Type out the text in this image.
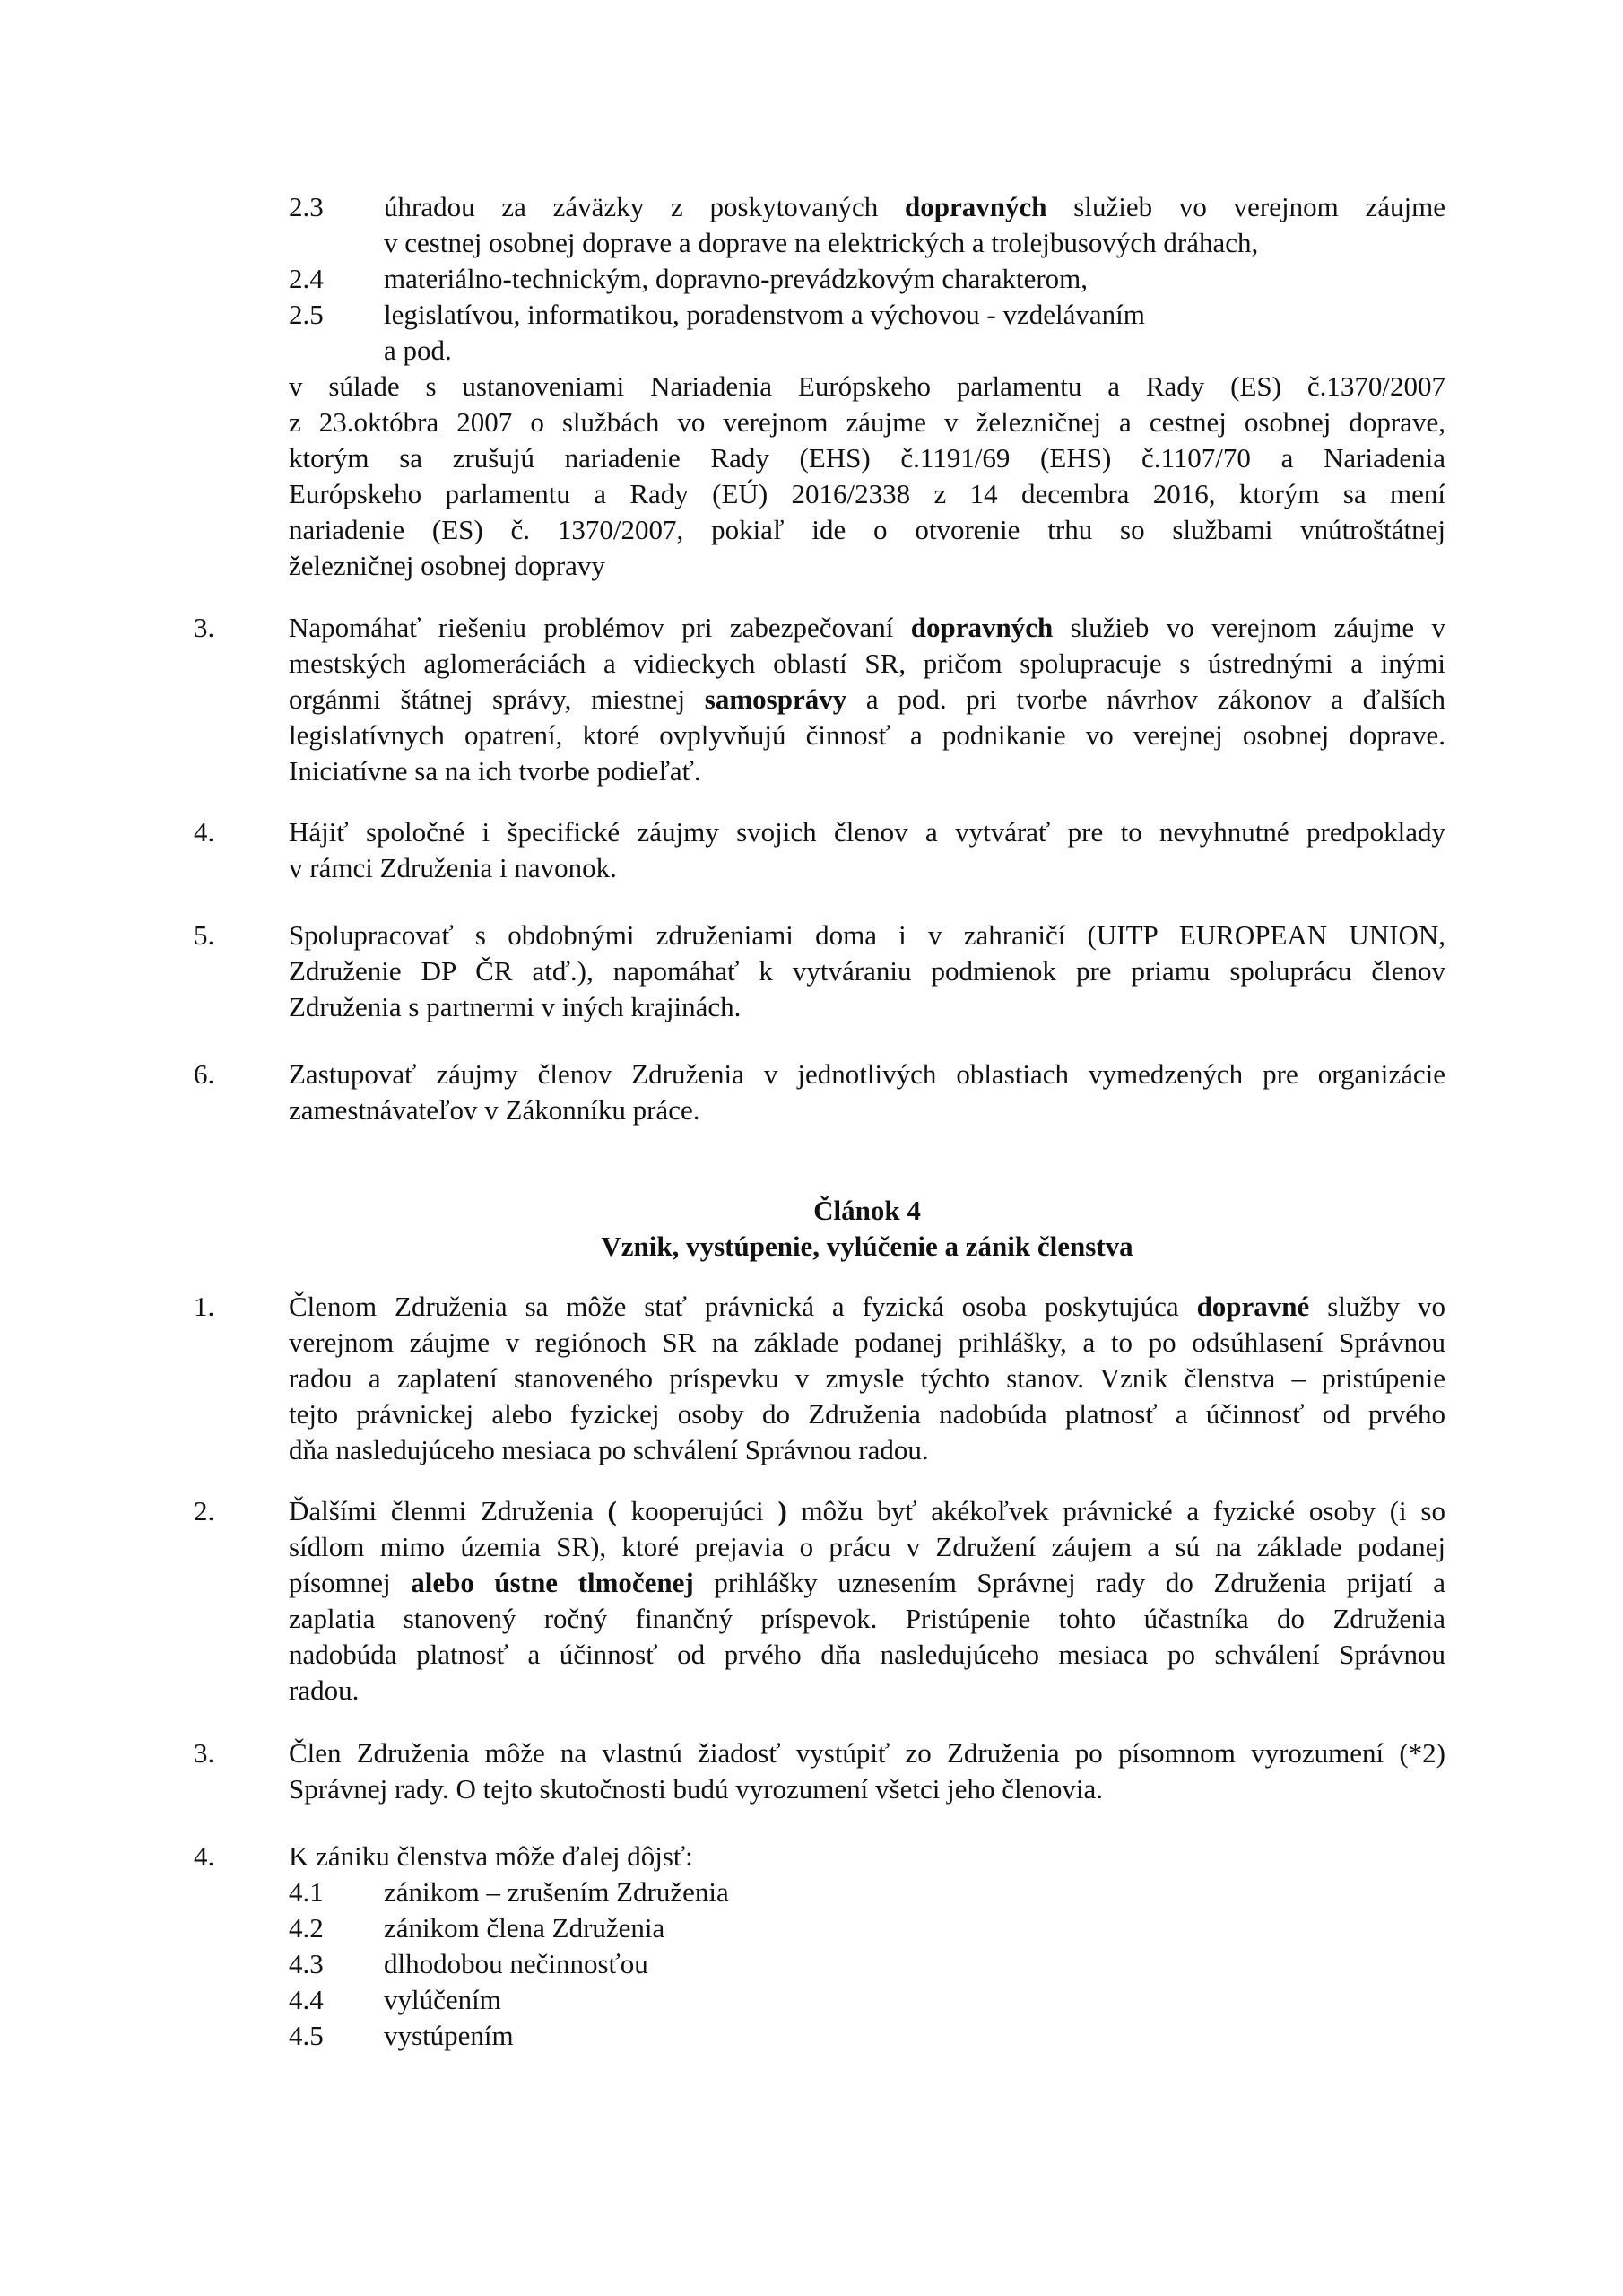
2.3	úhradou za záväzky z poskytovaných dopravných služieb vo verejnom záujme
v cestnej osobnej doprave a doprave na elektrických a trolejbusových dráhach,
2.4	materiálno-technickým, dopravno-prevádzkovým charakterom,
2.5	legislatívou, informatikou, poradenstvom a výchovou - vzdelávaním
a pod.
v súlade s ustanoveniami Nariadenia Európskeho parlamentu a Rady (ES) č.1370/2007
z 23.októbra 2007 o službách vo verejnom záujme v železničnej a cestnej osobnej doprave,
ktorým sa zrušujú nariadenie Rady (EHS) č.1191/69 (EHS) č.1107/70 a Nariadenia
Európskeho parlamentu a Rady (EÚ) 2016/2338 z 14 decembra 2016, ktorým sa mení
nariadenie (ES) č. 1370/2007, pokiaľ ide o otvorenie trhu so službami vnútroštátnej
železničnej osobnej dopravy
3.	Napomáhať riešeniu problémov pri zabezpečovaní dopravných služieb vo verejnom záujme v
mestských aglomeráciách a vidieckych oblastí SR, pričom spolupracuje s ústrednými a inými
orgánmi štátnej správy, miestnej samosprávy a pod. pri tvorbe návrhov zákonov a ďalších
legislatívnych opatrení, ktoré ovplyvňujú činnosť a podnikanie vo verejnej osobnej doprave.
Iniciatívne sa na ich tvorbe podieľať.
4.	Hájiť spoločné i špecifické záujmy svojich členov a vytvárať pre to nevyhnutné predpoklady
v rámci Združenia i navonok.
5.	Spolupracovať s obdobnými združeniami doma i v zahraničí (UITP EUROPEAN UNION,
Združenie DP ČR atď.), napomáhať k vytváraniu podmienok pre priamu spoluprácu členov
Združenia s partnermi v iných krajinách.
6.	Zastupovať záujmy členov Združenia v jednotlivých oblastiach vymedzených pre organizácie
zamestnávateľov v Zákonníku práce.
Článok 4
Vznik, vystúpenie, vylúčenie a zánik členstva
1.	Členom Združenia sa môže stať právnická a fyzická osoba poskytujúca dopravné služby vo
verejnom záujme v regiónoch SR na základe podanej prihlášky, a to po odsúhlasení Správnou
radou a zaplatení stanoveného príspevku v zmysle týchto stanov. Vznik členstva – pristúpenie
tejto právnickej alebo fyzickej osoby do Združenia nadobúda platnosť a účinnosť od prvého
dňa nasledujúceho mesiaca po schválení Správnou radou.
2.	Ďalšími členmi Združenia ( kooperujúci ) môžu byť akékoľvek právnické a fyzické osoby (i so
sídlom mimo územia SR), ktoré prejavia o prácu v Združení záujem a sú na základe podanej
písomnej alebo ústne tlmočenej prihlášky uznesením Správnej rady do Združenia prijatí a
zaplatia stanovený ročný finančný príspevok. Pristúpenie tohto účastníka do Združenia
nadobúda platnosť a účinnosť od prvého dňa nasledujúceho mesiaca po schválení Správnou
radou.
3.	Člen Združenia môže na vlastnú žiadosť vystúpiť zo Združenia po písomnom vyrozumení (*2)
Správnej rady. O tejto skutočnosti budú vyrozumení všetci jeho členovia.
4.	K zániku členstva môže ďalej dôjsť:
4.1	zánikom – zrušením Združenia
4.2	zánikom člena Združenia
4.3	dlhodobou nečinnosťou
4.4	vylúčením
4.5	vystúpením
